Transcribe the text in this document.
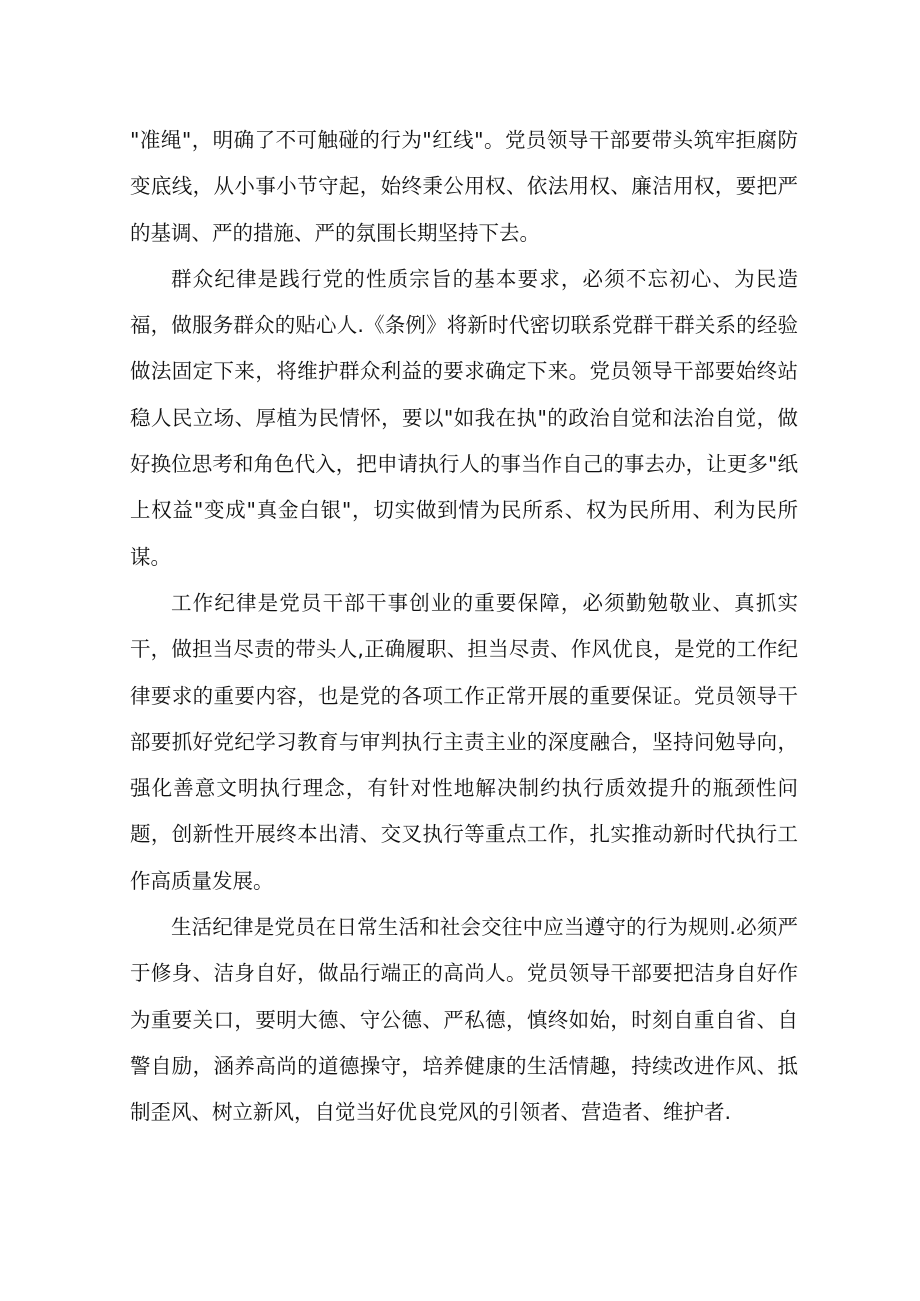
"准绳"，明确了不可触碰的行为"红线"。党员领导干部要带头筑牢拒腐防变底线，从小事小节守起，始终秉公用权、依法用权、廉洁用权，要把严的基调、严的措施、严的氛围长期坚持下去。

群众纪律是践行党的性质宗旨的基本要求，必须不忘初心、为民造福，做服务群众的贴心人.《条例》将新时代密切联系党群干群关系的经验做法固定下来，将维护群众利益的要求确定下来。党员领导干部要始终站稳人民立场、厚植为民情怀，要以"如我在执"的政治自觉和法治自觉，做好换位思考和角色代入，把申请执行人的事当作自己的事去办，让更多"纸上权益"变成"真金白银"，切实做到情为民所系、权为民所用、利为民所谋。

工作纪律是党员干部干事创业的重要保障，必须勤勉敬业、真抓实干，做担当尽责的带头人,正确履职、担当尽责、作风优良，是党的工作纪律要求的重要内容，也是党的各项工作正常开展的重要保证。党员领导干部要抓好党纪学习教育与审判执行主责主业的深度融合，坚持问勉导向，强化善意文明执行理念，有针对性地解决制约执行质效提升的瓶颈性问题，创新性开展终本出清、交叉执行等重点工作，扎实推动新时代执行工作高质量发展。

生活纪律是党员在日常生活和社会交往中应当遵守的行为规则.必须严于修身、洁身自好，做品行端正的高尚人。党员领导干部要把洁身自好作为重要关口，要明大德、守公德、严私德，慎终如始，时刻自重自省、自警自励，涵养高尚的道德操守，培养健康的生活情趣，持续改进作风、抵制歪风、树立新风，自觉当好优良党风的引领者、营造者、维护者.
